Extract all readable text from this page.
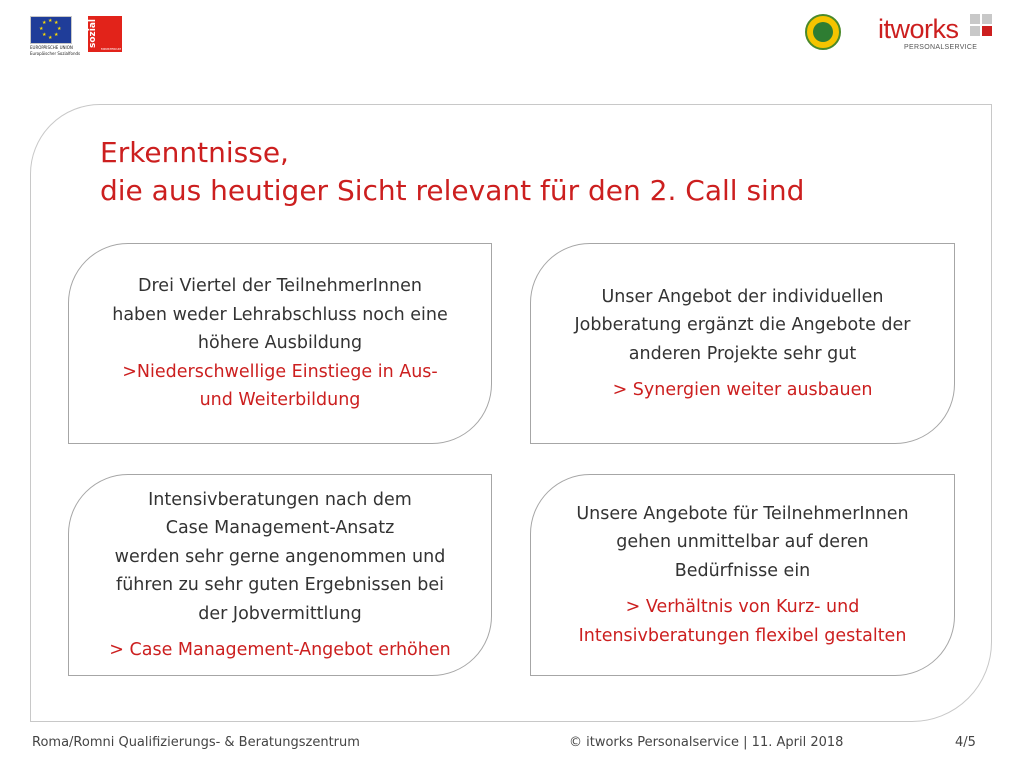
★ ★
★
★
★
★
★
★
EUROPÄISCHE UNION
Europäischer Sozialfonds
sozial
MINISTERIUM
itworks
PERSONALSERVICE
Erkenntnisse,
die aus heutiger Sicht relevant für den 2. Call sind
Drei Viertel der TeilnehmerInnen
haben weder Lehrabschluss noch eine
höhere Ausbildung
>Niederschwellige Einstiege in Aus-
und Weiterbildung
Unser Angebot der individuellen
Jobberatung ergänzt die Angebote der
anderen Projekte sehr gut
> Synergien weiter ausbauen
Intensivberatungen nach dem
Case Management-Ansatz
werden sehr gerne angenommen und
führen zu sehr guten Ergebnissen bei
der Jobvermittlung
> Case Management-Angebot erhöhen
Unsere Angebote für TeilnehmerInnen
gehen unmittelbar auf deren
Bedürfnisse ein
> Verhältnis von Kurz- und
Intensivberatungen flexibel gestalten
Roma/Romni Qualifizierungs- & Beratungszentrum	© itworks Personalservice | 11. April 2018	4/5
